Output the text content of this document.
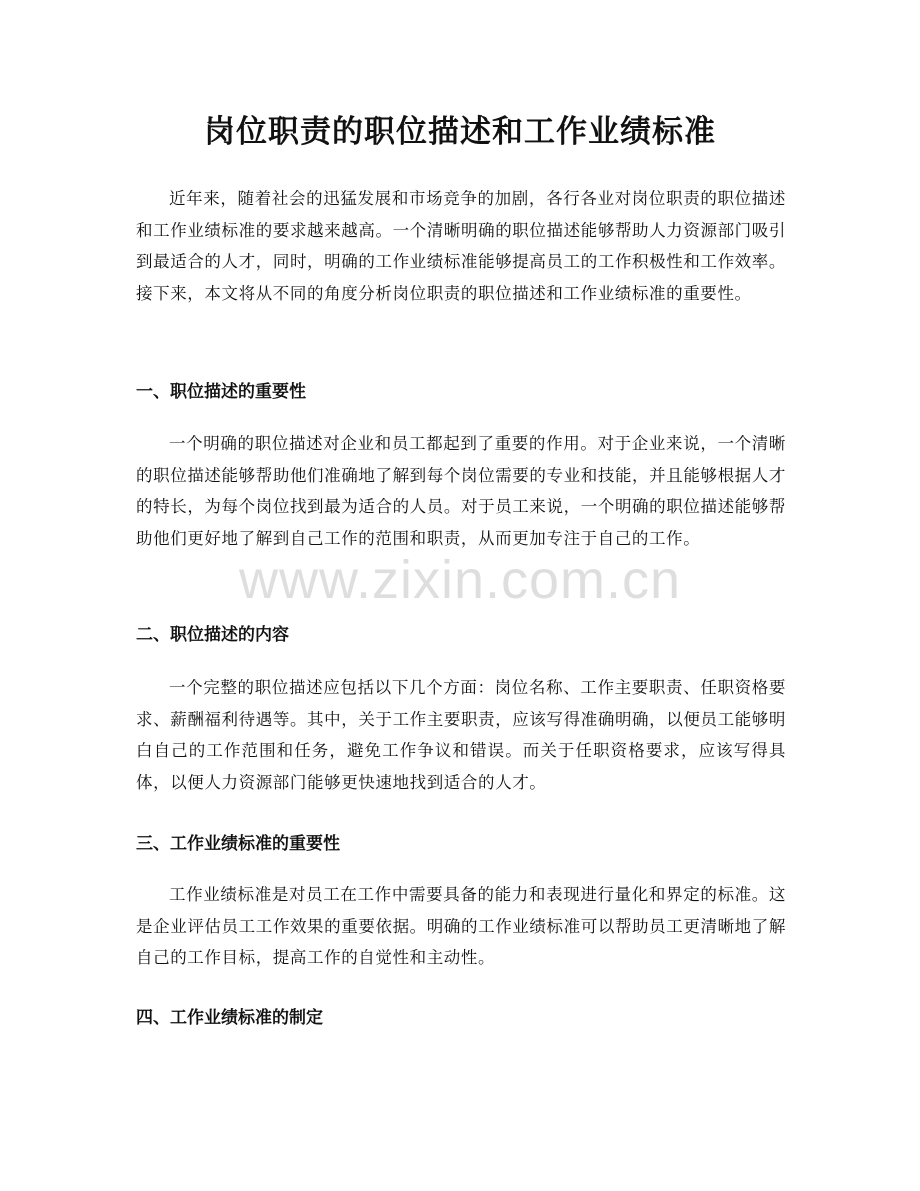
岗位职责的职位描述和工作业绩标准

近年来，随着社会的迅猛发展和市场竞争的加剧，各行各业对岗位职责的职位描述和工作业绩标准的要求越来越高。一个清晰明确的职位描述能够帮助人力资源部门吸引到最适合的人才，同时，明确的工作业绩标准能够提高员工的工作积极性和工作效率。接下来，本文将从不同的角度分析岗位职责的职位描述和工作业绩标准的重要性。

一、职位描述的重要性

一个明确的职位描述对企业和员工都起到了重要的作用。对于企业来说，一个清晰的职位描述能够帮助他们准确地了解到每个岗位需要的专业和技能，并且能够根据人才的特长，为每个岗位找到最为适合的人员。对于员工来说，一个明确的职位描述能够帮助他们更好地了解到自己工作的范围和职责，从而更加专注于自己的工作。

二、职位描述的内容

一个完整的职位描述应包括以下几个方面：岗位名称、工作主要职责、任职资格要求、薪酬福利待遇等。其中，关于工作主要职责，应该写得准确明确，以便员工能够明白自己的工作范围和任务，避免工作争议和错误。而关于任职资格要求，应该写得具体，以便人力资源部门能够更快速地找到适合的人才。

三、工作业绩标准的重要性

工作业绩标准是对员工在工作中需要具备的能力和表现进行量化和界定的标准。这是企业评估员工工作效果的重要依据。明确的工作业绩标准可以帮助员工更清晰地了解自己的工作目标，提高工作的自觉性和主动性。

四、工作业绩标准的制定
www.zixin.com.cn
